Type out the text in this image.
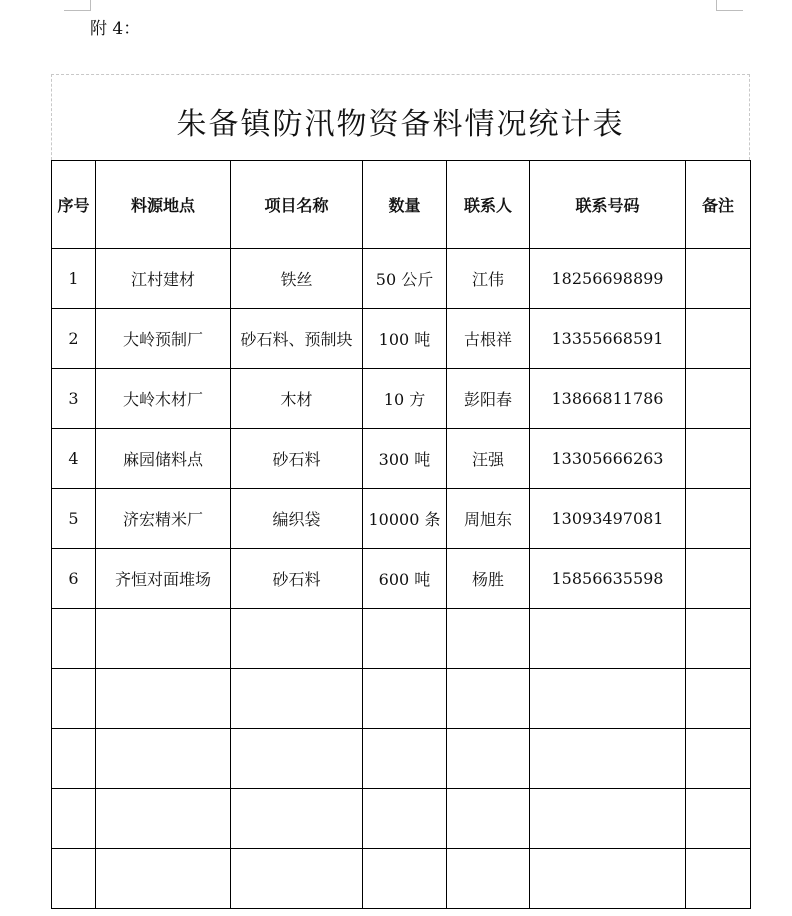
附 4：
朱备镇防汛物资备料情况统计表
序号	料源地点	项目名称	数量	联系人	联系号码	备注
1	江村建材	铁丝	50 公斤	江伟	18256698899	
2	大岭预制厂	砂石料、预制块	100 吨	古根祥	13355668591	
3	大岭木材厂	木材	10 方	彭阳春	13866811786	
4	麻园储料点	砂石料	300 吨	汪强	13305666263	
5	济宏精米厂	编织袋	10000 条	周旭东	13093497081	
6	齐恒对面堆场	砂石料	600 吨	杨胜	15856635598	
